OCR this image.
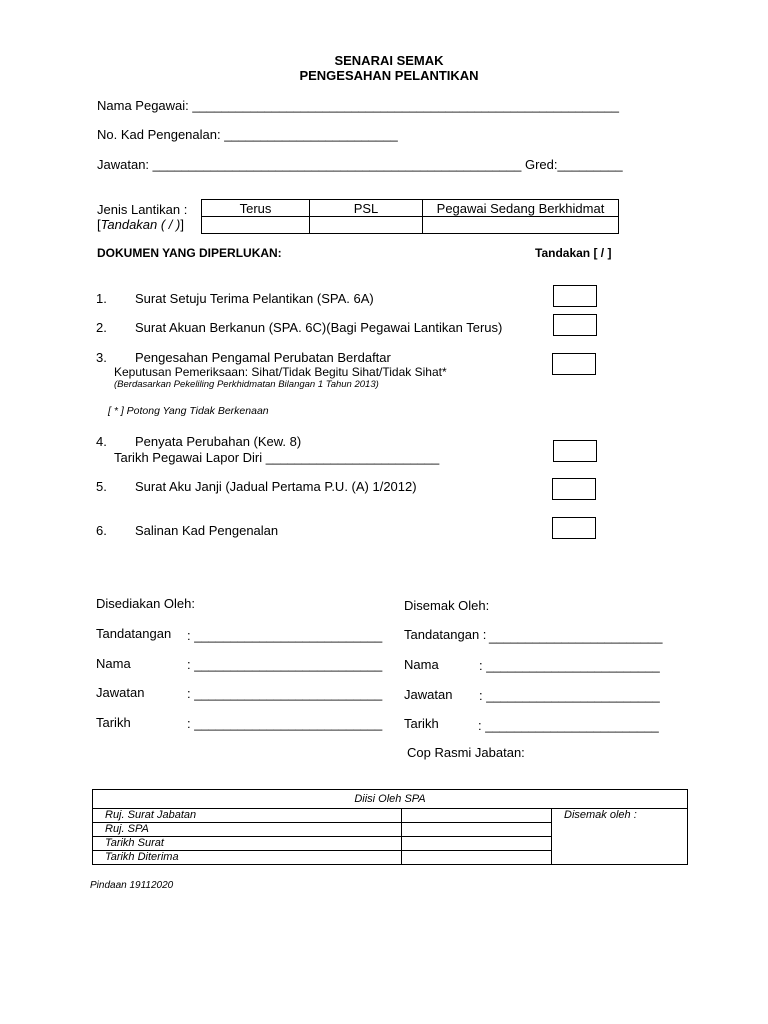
SENARAI SEMAK
PENGESAHAN PELANTIKAN
Nama Pegawai: ___________________________________________________________
No. Kad Pengenalan: ________________________
Jawatan: ___________________________________________________ Gred:_________
Jenis Lantikan :
[Tandakan ( / )]
Terus	PSL	Pegawai Sedang Berkhidmat

DOKUMEN YANG DIPERLUKAN:	Tandakan [ / ]
1. Surat Setuju Terima Pelantikan (SPA. 6A)
2. Surat Akuan Berkanun (SPA. 6C)(Bagi Pegawai Lantikan Terus)
3. Pengesahan Pengamal Perubatan Berdaftar
Keputusan Pemeriksaan: Sihat/Tidak Begitu Sihat/Tidak Sihat*
(Berdasarkan Pekeliling Perkhidmatan Bilangan 1 Tahun 2013)
[ * ] Potong Yang Tidak Berkenaan
4. Penyata Perubahan (Kew. 8)
Tarikh Pegawai Lapor Diri ________________________
5. Surat Aku Janji (Jadual Pertama P.U. (A) 1/2012)
6. Salinan Kad Pengenalan
Disediakan Oleh:
Tandatangan : __________________________
Nama	: __________________________
Jawatan	: __________________________
Tarikh	: __________________________
Disemak Oleh:
Tandatangan : ________________________
Nama	: ________________________
Jawatan : ________________________
Tarikh	: ________________________
Cop Rasmi Jabatan:
Diisi Oleh SPA		
Ruj. Surat Jabatan		Disemak oleh :
Ruj. SPA		
Tarikh Surat		
Tarikh Diterima		
Pindaan 19112020
